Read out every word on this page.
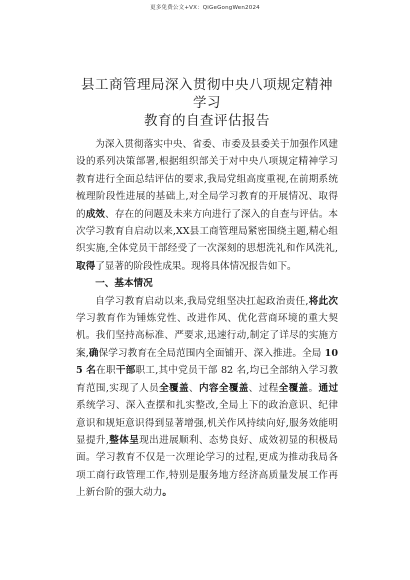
更多免费公文+VX：QiGeGongWen2024
县工商管理局深入贯彻中央八项规定精神学习
教育的自查评估报告

为深入贯彻落实中央、省委、市委及县委关于加强作风建设的系列决策部署,根据组织部关于对中央八项规定精神学习教育进行全面总结评估的要求,我局党组高度重视,在前期系统梳理阶段性进展的基础上,对全局学习教育的开展情况、取得的成效、存在的问题及未来方向进行了深入的自查与评估。本次学习教育自启动以来,XX县工商管理局紧密围绕主题,精心组织实施,全体党员干部经受了一次深刻的思想洗礼和作风洗礼,取得了显著的阶段性成果。现将具体情况报告如下。

一、基本情况

自学习教育启动以来,我局党组坚决扛起政治责任,将此次学习教育作为锤炼党性、改进作风、优化营商环境的重大契机。我们坚持高标准、严要求,迅速行动,制定了详尽的实施方案,确保学习教育在全局范围内全面铺开、深入推进。全局 105 名在职干部职工,其中党员干部 82 名,均已全部纳入学习教育范围,实现了人员全覆盖、内容全覆盖、过程全覆盖。通过系统学习、深入查摆和扎实整改,全局上下的政治意识、纪律意识和规矩意识得到显著增强,机关作风持续向好,服务效能明显提升,整体呈现出进展顺利、态势良好、成效初显的积极局面。学习教育不仅是一次理论学习的过程,更成为推动我局各项工商行政管理工作,特别是服务地方经济高质量发展工作再上新台阶的强大动力。
